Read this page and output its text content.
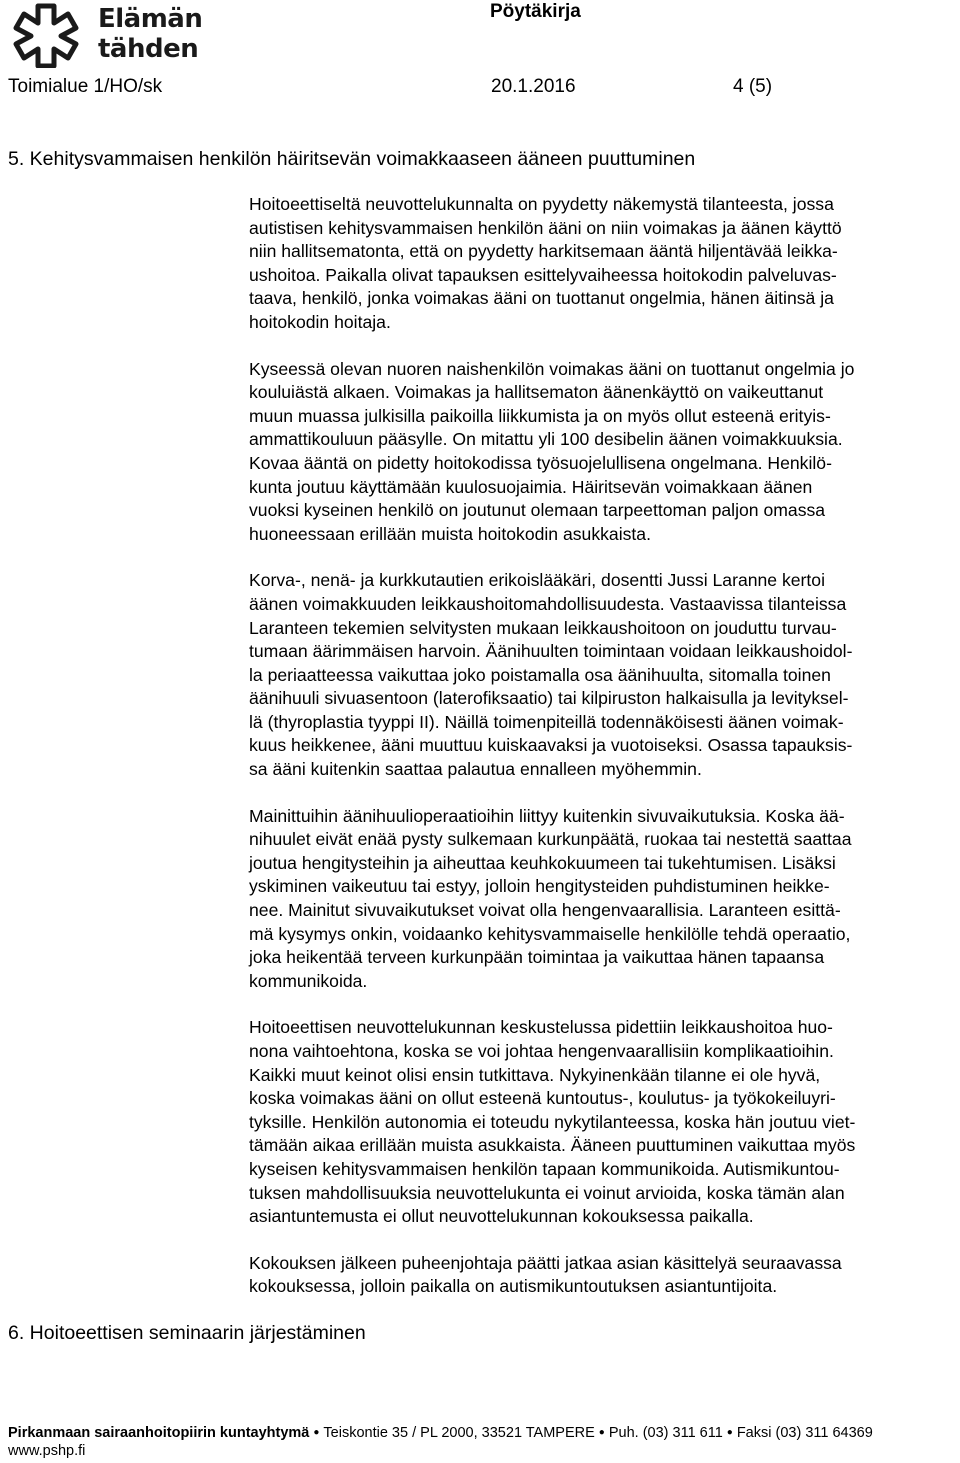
Elämän
tähden
Pöytäkirja
Toimialue 1/HO/sk	20.1.2016	4 (5)
5. Kehitysvammaisen henkilön häiritsevän voimakkaaseen ääneen puuttuminen

Hoitoeettiseltä neuvottelukunnalta on pyydetty näkemystä tilanteesta, jossa
autistisen kehitysvammaisen henkilön ääni on niin voimakas ja äänen käyttö
niin hallitsematonta, että on pyydetty harkitsemaan ääntä hiljentävää leikka-
ushoitoa. Paikalla olivat tapauksen esittelyvaiheessa hoitokodin palveluvas-
taava, henkilö, jonka voimakas ääni on tuottanut ongelmia, hänen äitinsä ja
hoitokodin hoitaja.

Kyseessä olevan nuoren naishenkilön voimakas ääni on tuottanut ongelmia jo
kouluiästä alkaen. Voimakas ja hallitsematon äänenkäyttö on vaikeuttanut
muun muassa julkisilla paikoilla liikkumista ja on myös ollut esteenä erityis-
ammattikouluun pääsylle. On mitattu yli 100 desibelin äänen voimakkuuksia.
Kovaa ääntä on pidetty hoitokodissa työsuojelullisena ongelmana. Henkilö-
kunta joutuu käyttämään kuulosuojaimia. Häiritsevän voimakkaan äänen
vuoksi kyseinen henkilö on joutunut olemaan tarpeettoman paljon omassa
huoneessaan erillään muista hoitokodin asukkaista.

Korva-, nenä- ja kurkkutautien erikoislääkäri, dosentti Jussi Laranne kertoi
äänen voimakkuuden leikkaushoitomahdollisuudesta. Vastaavissa tilanteissa
Laranteen tekemien selvitysten mukaan leikkaushoitoon on jouduttu turvau-
tumaan äärimmäisen harvoin. Äänihuulten toimintaan voidaan leikkaushoidol-
la periaatteessa vaikuttaa joko poistamalla osa äänihuulta, sitomalla toinen
äänihuuli sivuasentoon (laterofiksaatio) tai kilpiruston halkaisulla ja levityksel-
lä (thyroplastia tyyppi II). Näillä toimenpiteillä todennäköisesti äänen voimak-
kuus heikkenee, ääni muuttuu kuiskaavaksi ja vuotoiseksi. Osassa tapauksis-
sa ääni kuitenkin saattaa palautua ennalleen myöhemmin.

Mainittuihin äänihuulioperaatioihin liittyy kuitenkin sivuvaikutuksia. Koska ää-
nihuulet eivät enää pysty sulkemaan kurkunpäätä, ruokaa tai nestettä saattaa
joutua hengitysteihin ja aiheuttaa keuhkokuumeen tai tukehtumisen. Lisäksi
yskiminen vaikeutuu tai estyy, jolloin hengitysteiden puhdistuminen heikke-
nee. Mainitut sivuvaikutukset voivat olla hengenvaarallisia. Laranteen esittä-
mä kysymys onkin, voidaanko kehitysvammaiselle henkilölle tehdä operaatio,
joka heikentää terveen kurkunpään toimintaa ja vaikuttaa hänen tapaansa
kommunikoida.

Hoitoeettisen neuvottelukunnan keskustelussa pidettiin leikkaushoitoa huo-
nona vaihtoehtona, koska se voi johtaa hengenvaarallisiin komplikaatioihin.
Kaikki muut keinot olisi ensin tutkittava. Nykyinenkään tilanne ei ole hyvä,
koska voimakas ääni on ollut esteenä kuntoutus-, koulutus- ja työkokeiluyri-
tyksille. Henkilön autonomia ei toteudu nykytilanteessa, koska hän joutuu viet-
tämään aikaa erillään muista asukkaista. Ääneen puuttuminen vaikuttaa myös
kyseisen kehitysvammaisen henkilön tapaan kommunikoida. Autismikuntou-
tuksen mahdollisuuksia neuvottelukunta ei voinut arvioida, koska tämän alan
asiantuntemusta ei ollut neuvottelukunnan kokouksessa paikalla.

Kokouksen jälkeen puheenjohtaja päätti jatkaa asian käsittelyä seuraavassa
kokouksessa, jolloin paikalla on autismikuntoutuksen asiantuntijoita.

6. Hoitoeettisen seminaarin järjestäminen
Pirkanmaan sairaanhoitopiirin kuntayhtymä ● Teiskontie 35 / PL 2000, 33521 TAMPERE ● Puh. (03) 311 611 ● Faksi (03) 311 64369
www.pshp.fi
